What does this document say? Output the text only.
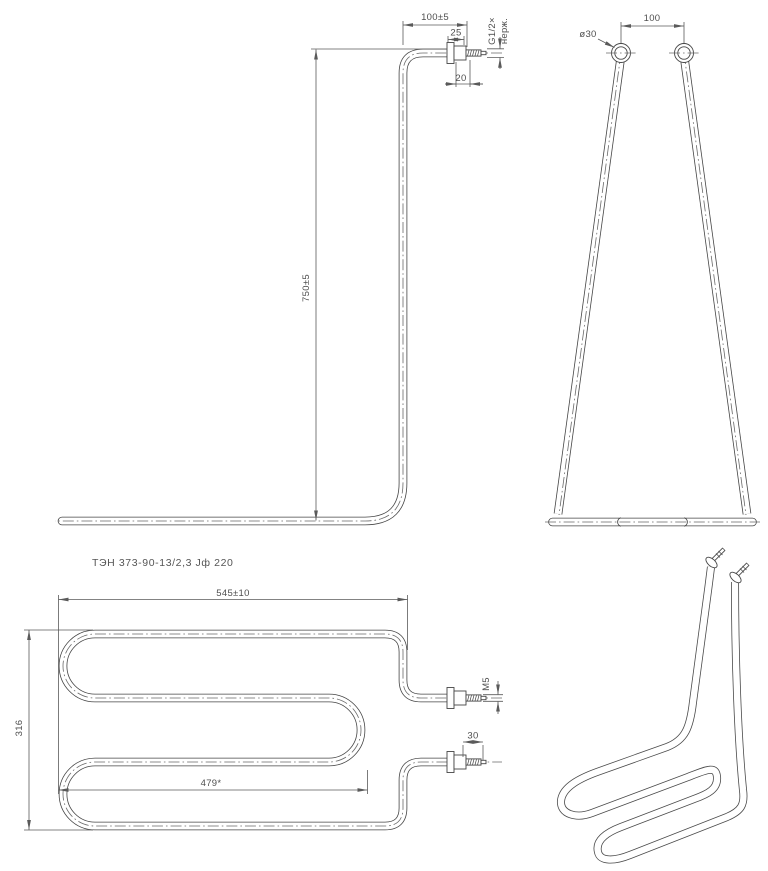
750±5
100±5
25	G1/2× нерж.
20
100
ø30
ТЭН 373-90-13/2,3 Jф 220
545±10
316
479*
M5
30
